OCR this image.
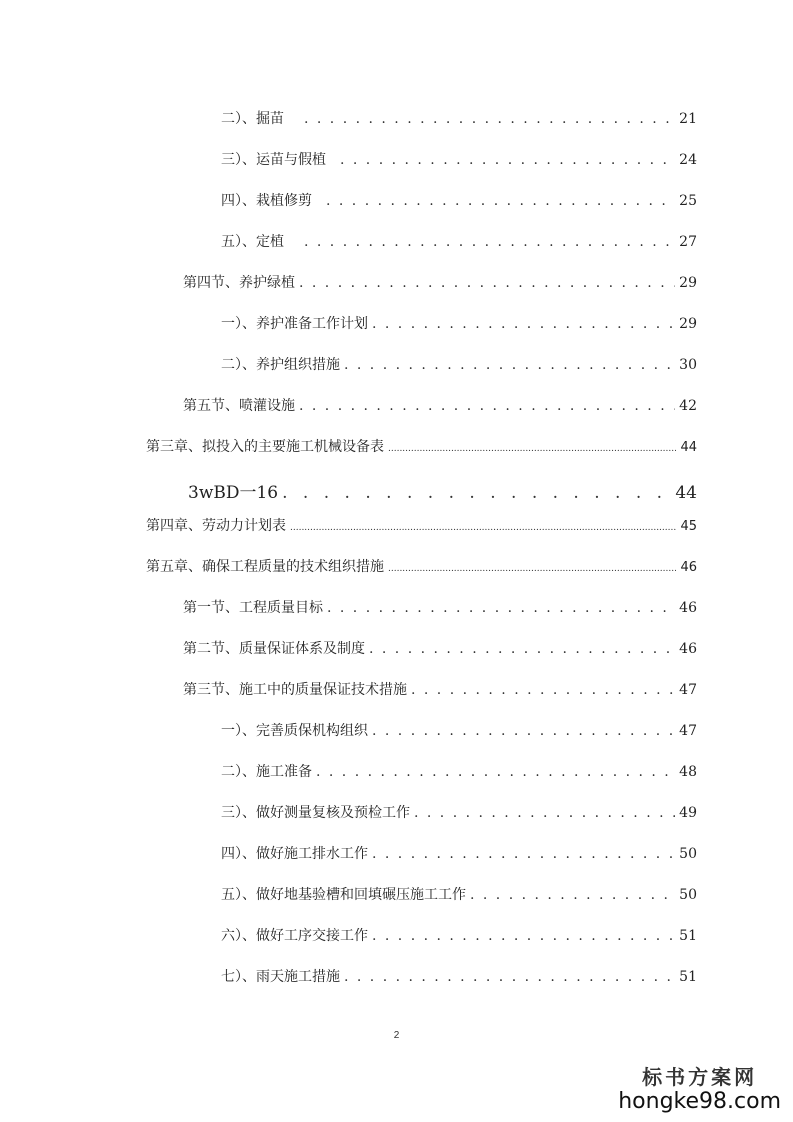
二）、掘苗 . . .	21
三）、运苗与假植 . . .	24
四）、栽植修剪 . . .	25
五）、定植 . . .	27
第四节、养护绿植 . . .	29
一）、养护准备工作计划 . . .	29
二）、养护组织措施 . . .	30
第五节、喷灌设施 . . .	42
第三章、拟投入的主要施工机械设备表 .....	44
3wBD一16 . . .	44
第四章、劳动力计划表 .....	45
第五章、确保工程质量的技术组织措施 .....	46
第一节、工程质量目标 . . .	46
第二节、质量保证体系及制度 . . .	46
第三节、施工中的质量保证技术措施 . . .	47
一）、完善质保机构组织 . . .	47
二）、施工准备 . . .	48
三）、做好测量复核及预检工作 . . .	49
四）、做好施工排水工作 . . .	50
五）、做好地基验槽和回填碾压施工工作 . . .	50
六）、做好工序交接工作 . . .	51
七）、雨天施工措施 . . .	51
2
标书方案网
hongke98.com
